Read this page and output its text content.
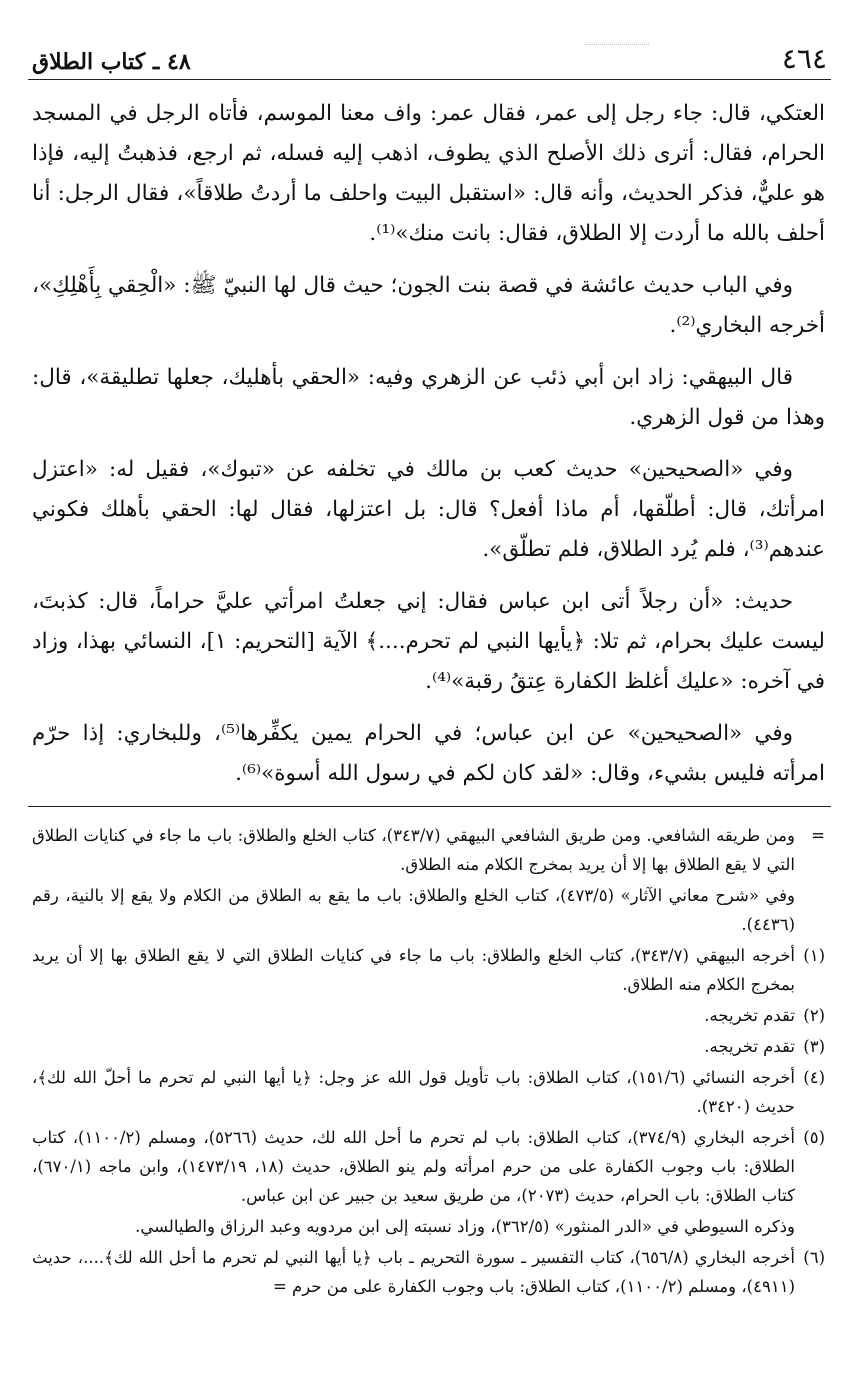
٤٦٤
٤٨ ـ كتاب الطلاق

العتكي، قال: جاء رجل إلى عمر، فقال عمر: واف معنا الموسم، فأتاه الرجل في المسجد الحرام، فقال: أترى ذلك الأصلح الذي يطوف، اذهب إليه فسله، ثم ارجع، فذهبتُ إليه، فإذا هو عليٌّ، فذكر الحديث، وأنه قال: «استقبل البيت واحلف ما أردتُ طلاقاً»، فقال الرجل: أنا أحلف بالله ما أردت إلا الطلاق، فقال: بانت منك»⁽¹⁾.

وفي الباب حديث عائشة في قصة بنت الجون؛ حيث قال لها النبيّ ﷺ: «الْحِقي بِأَهْلِكِ»، أخرجه البخاري⁽²⁾.

قال البيهقي: زاد ابن أبي ذئب عن الزهري وفيه: «الحقي بأهليك، جعلها تطليقة»، قال: وهذا من قول الزهري.

وفي «الصحيحين» حديث كعب بن مالك في تخلفه عن «تبوك»، فقيل له: «اعتزل امرأتك، قال: أطلّقها، أم ماذا أفعل؟ قال: بل اعتزلها، فقال لها: الحقي بأهلك فكوني عندهم⁽³⁾، فلم يُرد الطلاق، فلم تطلّق».

حديث: «أن رجلاً أتى ابن عباس فقال: إني جعلتُ امرأتي عليَّ حراماً، قال: كذبتَ، ليست عليك بحرام، ثم تلا: ﴿يأيها النبي لم تحرم....﴾ الآية [التحريم: ١]، النسائي بهذا، وزاد في آخره: «عليك أغلظ الكفارة عِتقُ رقبة»⁽⁴⁾.

وفي «الصحيحين» عن ابن عباس؛ في الحرام يمين يكفِّرها⁽⁵⁾، وللبخاري: إذا حرّم امرأته فليس بشيء، وقال: «لقد كان لكم في رسول الله أسوة»⁽⁶⁾.

=
ومن طريقه الشافعي. ومن طريق الشافعي البيهقي (٣٤٣/٧)، كتاب الخلع والطلاق: باب ما جاء في كنايات الطلاق التي لا يقع الطلاق بها إلا أن يريد بمخرج الكلام منه الطلاق.
وفي «شرح معاني الآثار» (٤٧٣/٥)، كتاب الخلع والطلاق: باب ما يقع به الطلاق من الكلام ولا يقع إلا بالنية، رقم (٤٤٣٦).
(١)
أخرجه البيهقي (٣٤٣/٧)، كتاب الخلع والطلاق: باب ما جاء في كنايات الطلاق التي لا يقع الطلاق بها إلا أن يريد بمخرج الكلام منه الطلاق.
(٢)
تقدم تخريجه.
(٣)
تقدم تخريجه.
(٤)
أخرجه النسائي (١٥١/٦)، كتاب الطلاق: باب تأويل قول الله عز وجل: ﴿يا أيها النبي لم تحرم ما أحلّ الله لك﴾، حديث (٣٤٢٠).
(٥)
أخرجه البخاري (٣٧٤/٩)، كتاب الطلاق: باب لم تحرم ما أحل الله لك، حديث (٥٢٦٦)، ومسلم (١١٠٠/٢)، كتاب الطلاق: باب وجوب الكفارة على من حرم امرأته ولم ينو الطلاق، حديث (١٨، ١٤٧٣/١٩)، وابن ماجه (٦٧٠/١)، كتاب الطلاق: باب الحرام، حديث (٢٠٧٣)، من طريق سعيد بن جبير عن ابن عباس.
وذكره السيوطي في «الدر المنثور» (٣٦٢/٥)، وزاد نسبته إلى ابن مردويه وعبد الرزاق والطيالسي.
(٦)
أخرجه البخاري (٦٥٦/٨)، كتاب التفسير ـ سورة التحريم ـ باب ﴿يا أيها النبي لم تحرم ما أحل الله لك﴾....، حديث (٤٩١١)، ومسلم (١١٠٠/٢)، كتاب الطلاق: باب وجوب الكفارة على من حرم =
